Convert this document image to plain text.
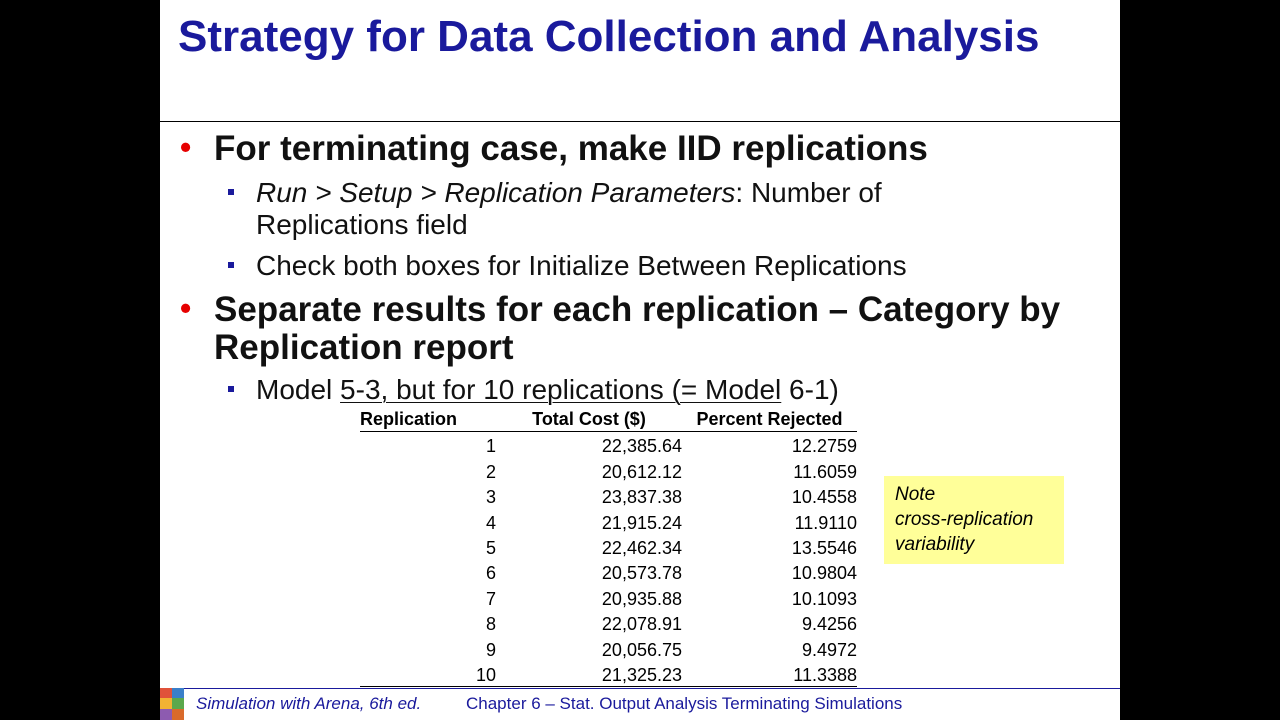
Strategy for Data Collection and Analysis
• For terminating case, make IID replications
Run > Setup > Replication Parameters: Number of Replications field
Check both boxes for Initialize Between Replications
• Separate results for each replication – Category by Replication report
Model 5-3, but for 10 replications (= Model 6-1)
Replication	Total Cost ($)	Percent Rejected
1	22,385.64	12.2759
2	20,612.12	11.6059
3	23,837.38	10.4558
4	21,915.24	11.9110
5	22,462.34	13.5546
6	20,573.78	10.9804
7	20,935.88	10.1093
8	22,078.91	9.4256
9	20,056.75	9.4972
10	21,325.23	11.3388
Note
cross-replication
variability
Simulation with Arena, 6th ed.	Chapter 6 – Stat. Output Analysis Terminating Simulations
